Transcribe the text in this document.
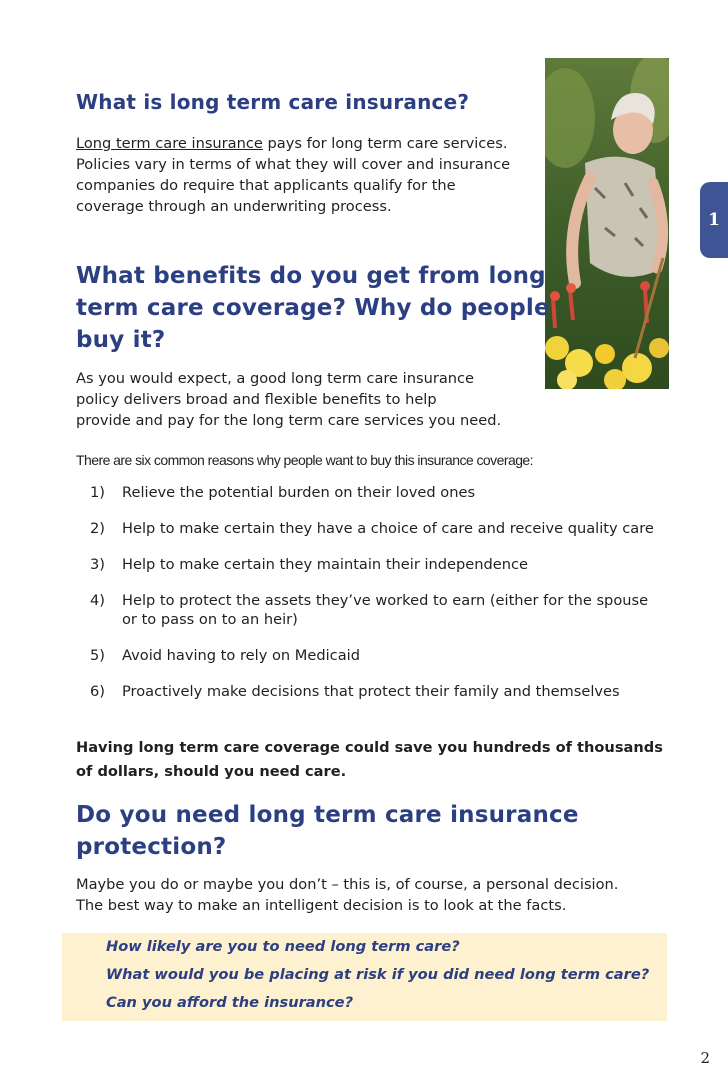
1
What is long term care insurance?

Long term care insurance pays for long term care services. Policies vary in terms of what they will cover and insurance companies do require that applicants qualify for the coverage through an underwriting process.

What benefits do you get from long
term care coverage? Why do people
buy it?
As you would expect, a good long term care insurance
policy delivers broad and flexible benefits to help
provide and pay for the long term care services you need.

There are six common reasons why people want to buy this insurance coverage:

1) Relieve the potential burden on their loved ones
2) Help to make certain they have a choice of care and receive quality care
3) Help to make certain they maintain their independence
4) Help to protect the assets they’ve worked to earn (either for the spouse or to pass on to an heir)
5) Avoid having to rely on Medicaid
6) Proactively make decisions that protect their family and themselves

Having long term care coverage could save you hundreds of thousands of dollars, should you need care.

Do you need long term care insurance
protection?
Maybe you do or maybe you don’t – this is, of course, a personal decision.
The best way to make an intelligent decision is to look at the facts.

How likely are you to need long term care?

What would you be placing at risk if you did need long term care?

Can you afford the insurance?

2
